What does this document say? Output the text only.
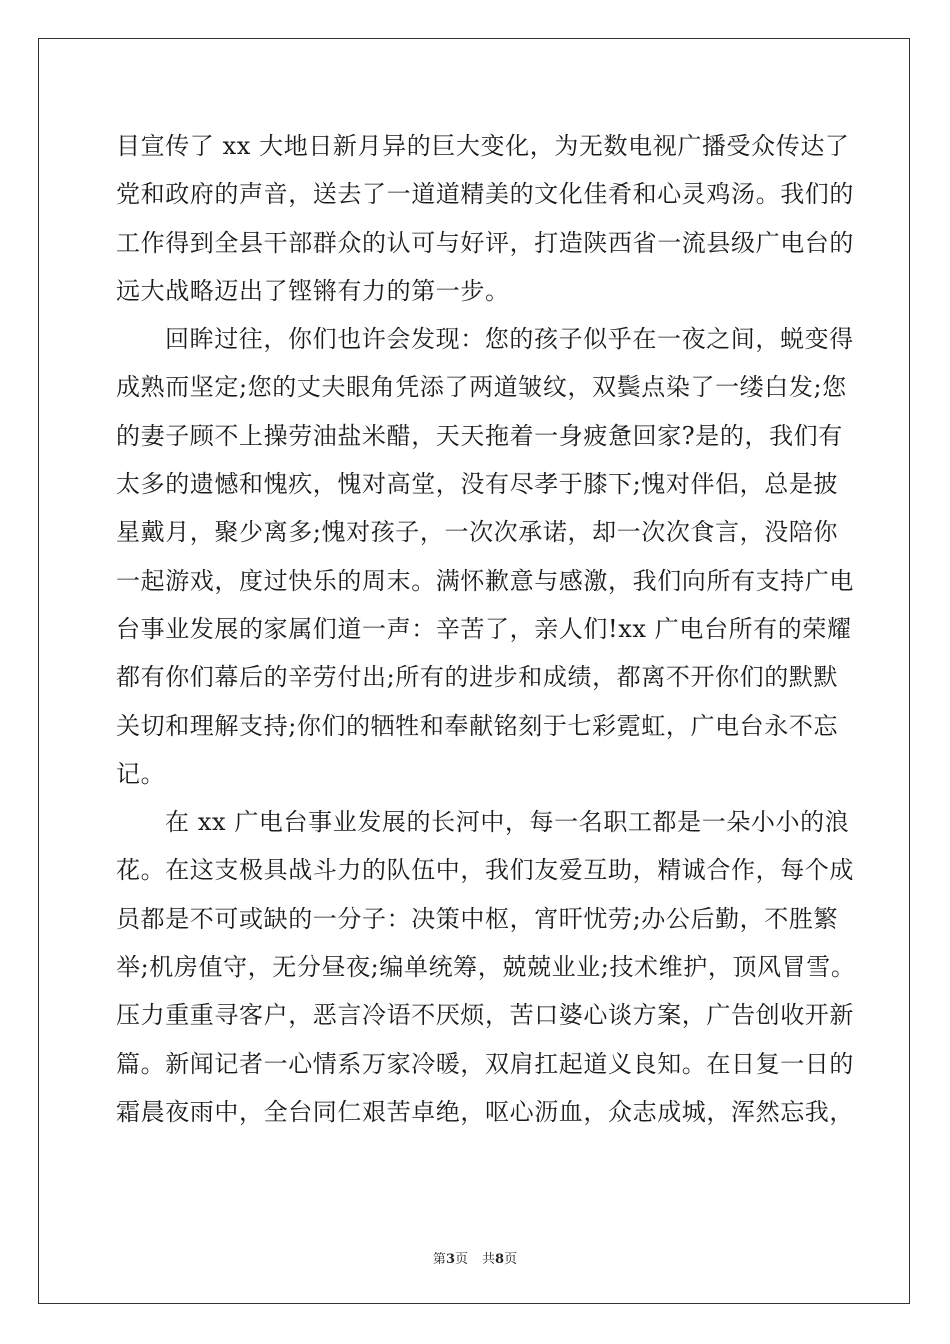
目宣传了 xx 大地日新月异的巨大变化，为无数电视广播受众传达了
党和政府的声音，送去了一道道精美的文化佳肴和心灵鸡汤。我们的
工作得到全县干部群众的认可与好评，打造陕西省一流县级广电台的
远大战略迈出了铿锵有力的第一步。
回眸过往，你们也许会发现：您的孩子似乎在一夜之间，蜕变得
成熟而坚定;您的丈夫眼角凭添了两道皱纹，双鬓点染了一缕白发;您
的妻子顾不上操劳油盐米醋，天天拖着一身疲惫回家?是的，我们有
太多的遗憾和愧疚，愧对高堂，没有尽孝于膝下;愧对伴侣，总是披
星戴月，聚少离多;愧对孩子，一次次承诺，却一次次食言，没陪你
一起游戏，度过快乐的周末。满怀歉意与感激，我们向所有支持广电
台事业发展的家属们道一声：辛苦了，亲人们!xx 广电台所有的荣耀
都有你们幕后的辛劳付出;所有的进步和成绩，都离不开你们的默默
关切和理解支持;你们的牺牲和奉献铭刻于七彩霓虹，广电台永不忘
记。
在 xx 广电台事业发展的长河中，每一名职工都是一朵小小的浪
花。在这支极具战斗力的队伍中，我们友爱互助，精诚合作，每个成
员都是不可或缺的一分子：决策中枢，宵旰忧劳;办公后勤，不胜繁
举;机房值守，无分昼夜;编单统筹，兢兢业业;技术维护，顶风冒雪。
压力重重寻客户，恶言冷语不厌烦，苦口婆心谈方案，广告创收开新
篇。新闻记者一心情系万家冷暖，双肩扛起道义良知。在日复一日的
霜晨夜雨中，全台同仁艰苦卓绝，呕心沥血，众志成城，浑然忘我，
第3页 共8页
